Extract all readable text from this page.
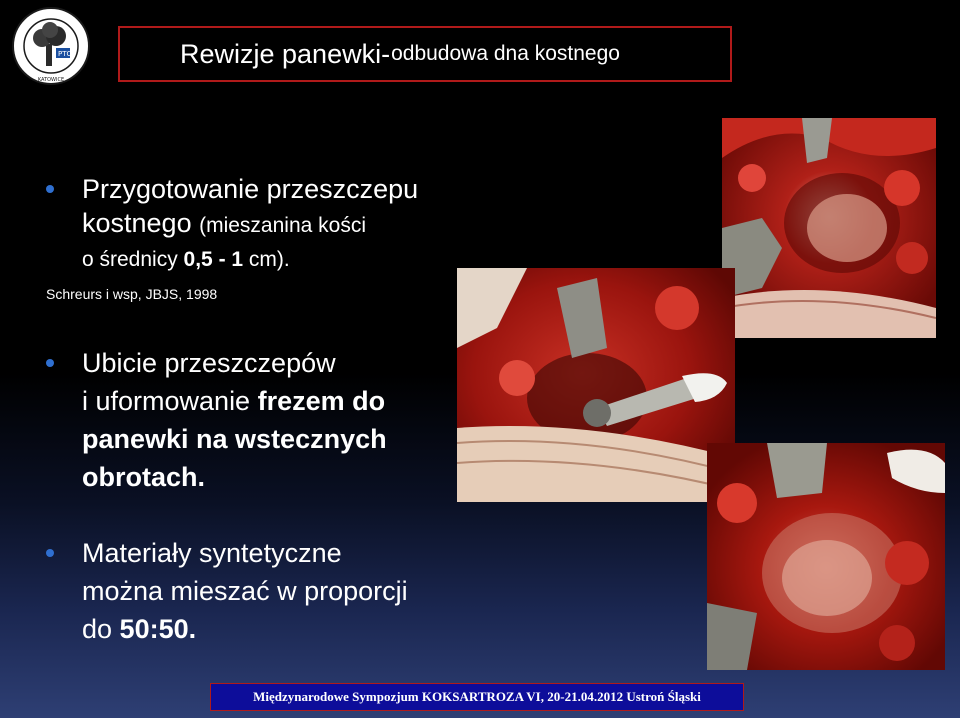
PTO
KATOWICE
Rewizje panewki- odbudowa dna kostnego
Przygotowanie przeszczepu
kostnego (mieszanina kości
o średnicy 0,5 - 1 cm).
Schreurs i wsp, JBJS, 1998
Ubicie przeszczepów
i uformowanie frezem do
panewki na wstecznych
obrotach.
Materiały syntetyczne
można mieszać w proporcji
do 50:50.
Międzynarodowe Sympozjum KOKSARTROZA VI, 20-21.04.2012 Ustroń Śląski
